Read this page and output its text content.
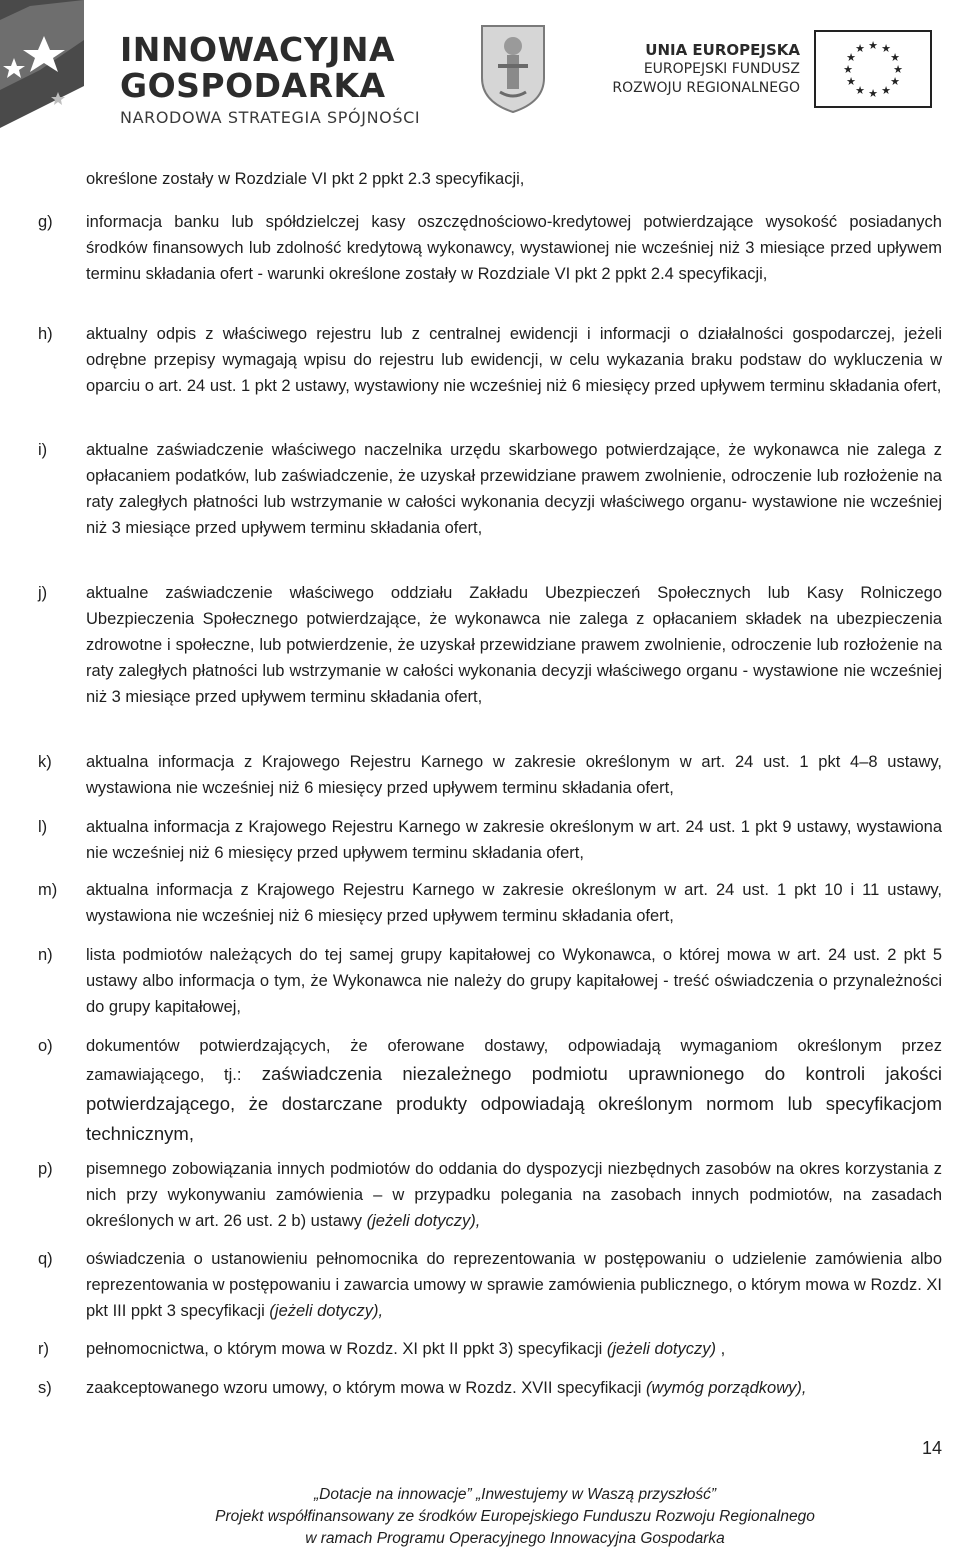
INNOWACYJNA
GOSPODARKA
NARODOWA STRATEGIA SPÓJNOŚCI
UNIA EUROPEJSKA
EUROPEJSKI FUNDUSZ
ROZWOJU REGIONALNEGO
★ ★
★
★
★
★
★
★
★
★
★
★
określone zostały w Rozdziale VI pkt 2 ppkt 2.3 specyfikacji,
g) informacja banku lub spółdzielczej kasy oszczędnościowo-kredytowej potwierdzające wysokość posiadanych środków finansowych lub zdolność kredytową wykonawcy, wystawionej nie wcześniej niż 3 miesiące przed upływem terminu składania ofert - warunki określone zostały w Rozdziale VI pkt 2 ppkt 2.4 specyfikacji,
h) aktualny odpis z właściwego rejestru lub z centralnej ewidencji i informacji o działalności gospodarczej, jeżeli odrębne przepisy wymagają wpisu do rejestru lub ewidencji, w celu wykazania braku podstaw do wykluczenia w oparciu o art. 24 ust. 1 pkt 2 ustawy, wystawiony nie wcześniej niż 6 miesięcy przed upływem terminu składania ofert,
i) aktualne zaświadczenie właściwego naczelnika urzędu skarbowego potwierdzające, że wykonawca nie zalega z opłacaniem podatków, lub zaświadczenie, że uzyskał przewidziane prawem zwolnienie, odroczenie lub rozłożenie na raty zaległych płatności lub wstrzymanie w całości wykonania decyzji właściwego organu- wystawione nie wcześniej niż 3 miesiące przed upływem terminu składania ofert,
j) aktualne zaświadczenie właściwego oddziału Zakładu Ubezpieczeń Społecznych lub Kasy Rolniczego Ubezpieczenia Społecznego potwierdzające, że wykonawca nie zalega z opłacaniem składek na ubezpieczenia zdrowotne i społeczne, lub potwierdzenie, że uzyskał przewidziane prawem zwolnienie, odroczenie lub rozłożenie na raty zaległych płatności lub wstrzymanie w całości wykonania decyzji właściwego organu - wystawione nie wcześniej niż 3 miesiące przed upływem terminu składania ofert,
k) aktualna informacja z Krajowego Rejestru Karnego w zakresie określonym w art. 24 ust. 1 pkt 4–8 ustawy, wystawiona nie wcześniej niż 6 miesięcy przed upływem terminu składania ofert,
l) aktualna informacja z Krajowego Rejestru Karnego w zakresie określonym w art. 24 ust. 1 pkt 9 ustawy, wystawiona nie wcześniej niż 6 miesięcy przed upływem terminu składania ofert,
m) aktualna informacja z Krajowego Rejestru Karnego w zakresie określonym w art. 24 ust. 1 pkt 10 i 11 ustawy, wystawiona nie wcześniej niż 6 miesięcy przed upływem terminu składania ofert,
n) lista podmiotów należących do tej samej grupy kapitałowej co Wykonawca, o której mowa w art. 24 ust. 2 pkt 5 ustawy albo informacja o tym, że Wykonawca nie należy do grupy kapitałowej - treść oświadczenia o przynależności do grupy kapitałowej,
o) dokumentów potwierdzających, że oferowane dostawy, odpowiadają wymaganiom określonym przez zamawiającego, tj.: zaświadczenia niezależnego podmiotu uprawnionego do kontroli jakości potwierdzającego, że dostarczane produkty odpowiadają określonym normom lub specyfikacjom technicznym,
p) pisemnego zobowiązania innych podmiotów do oddania do dyspozycji niezbędnych zasobów na okres korzystania z nich przy wykonywaniu zamówienia – w przypadku polegania na zasobach innych podmiotów, na zasadach określonych w art. 26 ust. 2 b) ustawy (jeżeli dotyczy),
q) oświadczenia o ustanowieniu pełnomocnika do reprezentowania w postępowaniu o udzielenie zamówienia albo reprezentowania w postępowaniu i zawarcia umowy w sprawie zamówienia publicznego, o którym mowa w Rozdz. XI pkt III ppkt 3 specyfikacji (jeżeli dotyczy),
r) pełnomocnictwa, o którym mowa w Rozdz. XI pkt II ppkt 3) specyfikacji (jeżeli dotyczy) ,
s) zaakceptowanego wzoru umowy, o którym mowa w Rozdz. XVII specyfikacji (wymóg porządkowy),
14
„Dotacje na innowacje” „Inwestujemy w Waszą przyszłość”
Projekt współfinansowany ze środków Europejskiego Funduszu Rozwoju Regionalnego
w ramach Programu Operacyjnego Innowacyjna Gospodarka
